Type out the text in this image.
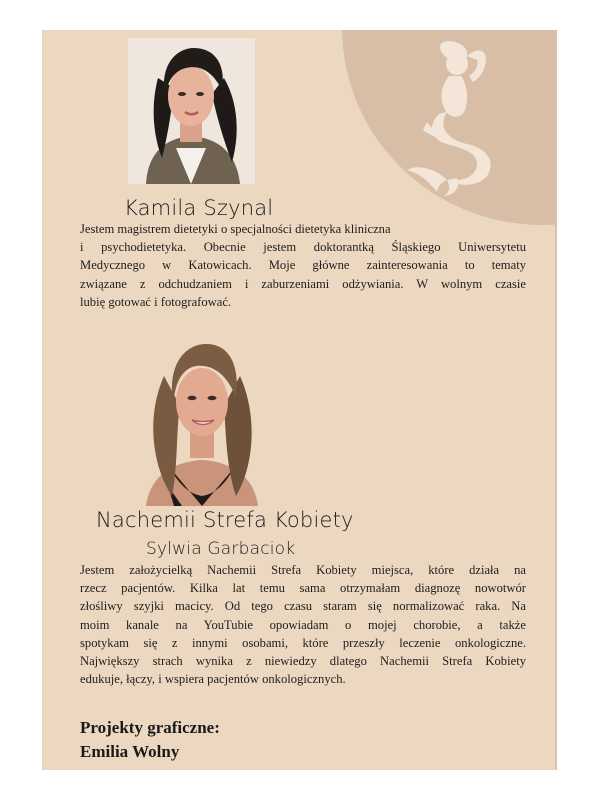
Kamila Szynal
Jestem magistrem dietetyki o specjalności dietetyka kliniczna
i psychodietetyka. Obecnie jestem doktorantką Śląskiego Uniwersytetu
Medycznego w Katowicach. Moje główne zainteresowania to tematy
związane z odchudzaniem i zaburzeniami odżywiania. W wolnym czasie
lubię gotować i fotografować.
Nachemii Strefa Kobiety
Sylwia Garbaciok
Jestem założycielką Nachemii Strefa Kobiety miejsca, które działa na
rzecz pacjentów. Kilka lat temu sama otrzymałam diagnozę nowotwór
złośliwy szyjki macicy. Od tego czasu staram się normalizować raka. Na
moim kanale na YouTubie opowiadam o mojej chorobie, a także
spotykam się z innymi osobami, które przeszły leczenie onkologiczne.
Największy strach wynika z niewiedzy dlatego Nachemii Strefa Kobiety
edukuje, łączy, i wspiera pacjentów onkologicznych.
Projekty graficzne:
Emilia Wolny
